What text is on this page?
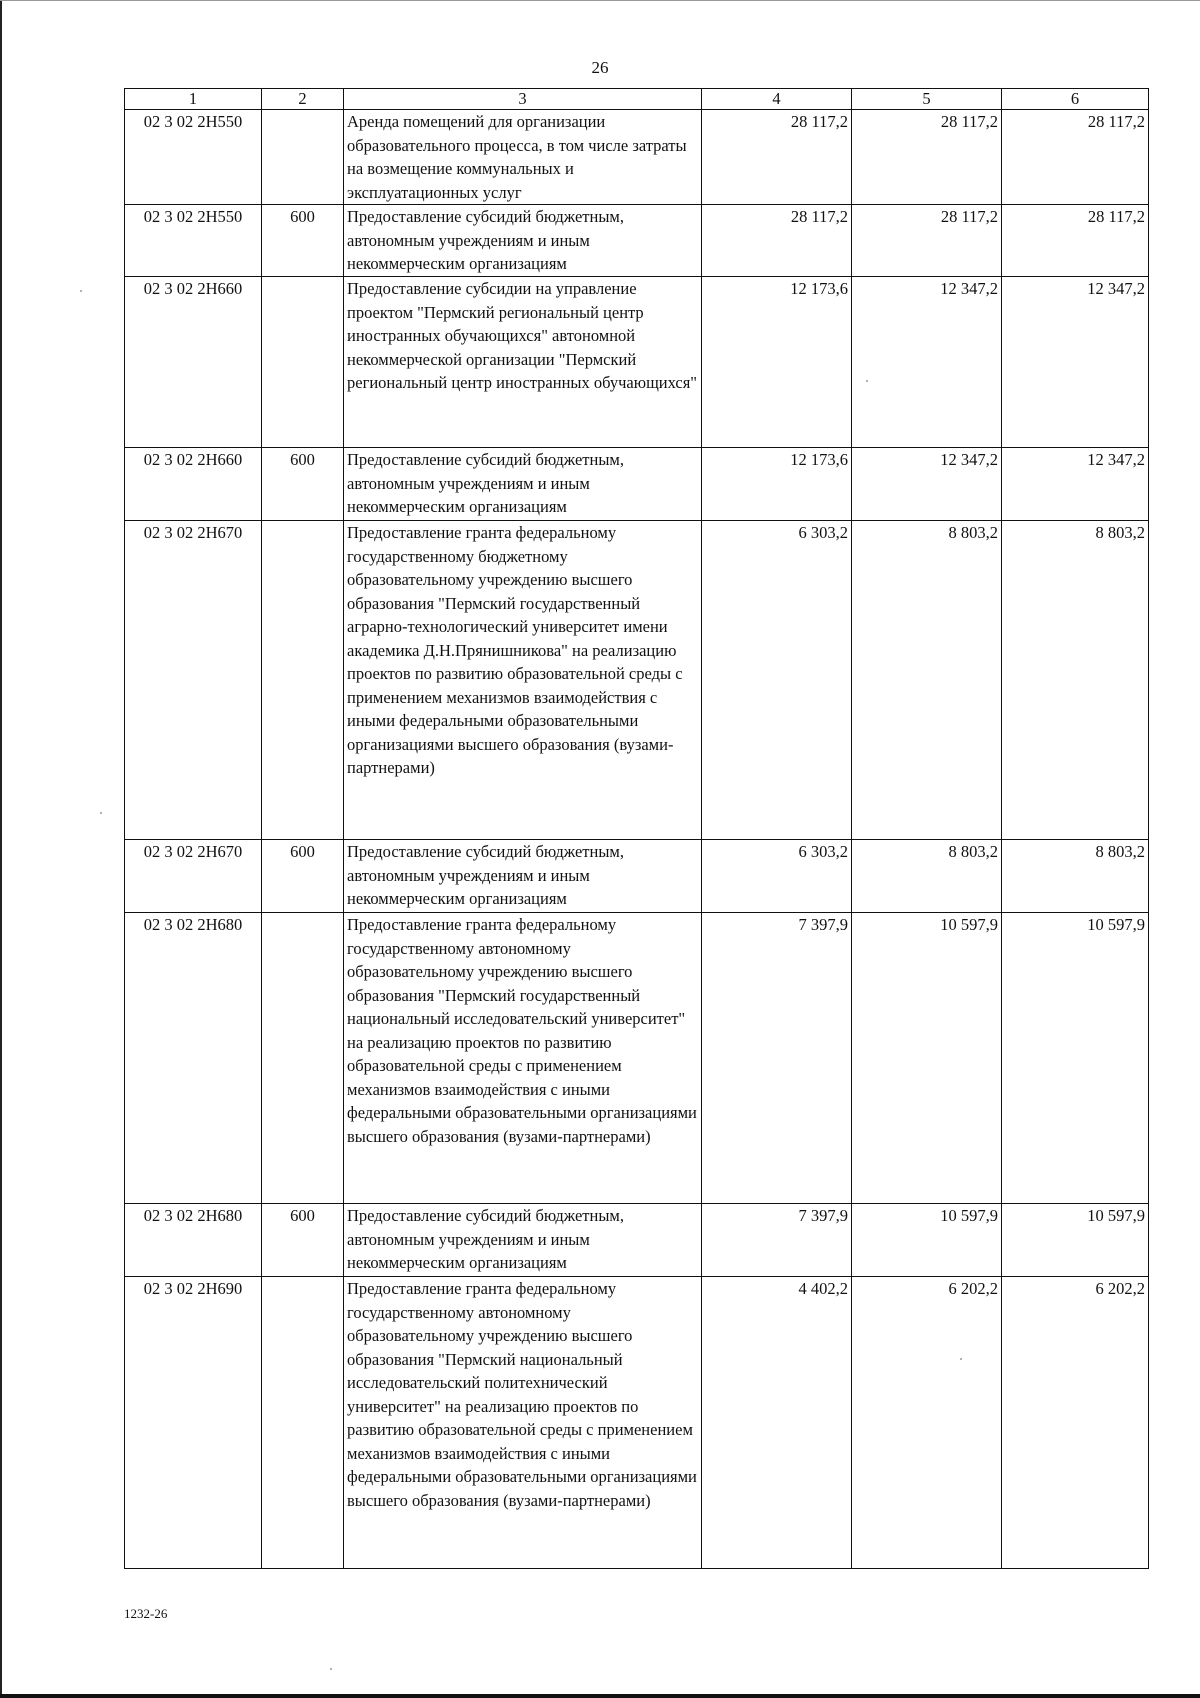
26
1	2	3	4	5	6
02 3 02 2Н550		Аренда помещений для организации образовательного процесса, в том числе затраты на возмещение коммунальных и эксплуатационных услуг	28 117,2	28 117,2	28 117,2
02 3 02 2Н550	600	Предоставление субсидий бюджетным, автономным учреждениям и иным некоммерческим организациям	28 117,2	28 117,2	28 117,2
02 3 02 2Н660		Предоставление субсидии на управление проектом "Пермский региональный центр иностранных обучающихся" автономной некоммерческой организации "Пермский региональный центр иностранных обучающихся"	12 173,6	12 347,2	12 347,2
02 3 02 2Н660	600	Предоставление субсидий бюджетным, автономным учреждениям и иным некоммерческим организациям	12 173,6	12 347,2	12 347,2
02 3 02 2Н670		Предоставление гранта федеральному государственному бюджетному образовательному учреждению высшего образования "Пермский государственный аграрно-технологический университет имени академика Д.Н.Прянишникова" на реализацию проектов по развитию образовательной среды с применением механизмов взаимодействия с иными федеральными образовательными организациями высшего образования (вузами-партнерами)	6 303,2	8 803,2	8 803,2
02 3 02 2Н670	600	Предоставление субсидий бюджетным, автономным учреждениям и иным некоммерческим организациям	6 303,2	8 803,2	8 803,2
02 3 02 2Н680		Предоставление гранта федеральному государственному автономному образовательному учреждению высшего образования "Пермский государственный национальный исследовательский университет" на реализацию проектов по развитию образовательной среды с применением механизмов взаимодействия с иными федеральными образовательными организациями высшего образования (вузами-партнерами)	7 397,9	10 597,9	10 597,9
02 3 02 2Н680	600	Предоставление субсидий бюджетным, автономным учреждениям и иным некоммерческим организациям	7 397,9	10 597,9	10 597,9
02 3 02 2Н690		Предоставление гранта федеральному государственному автономному образовательному учреждению высшего образования "Пермский национальный исследовательский политехнический университет" на реализацию проектов по развитию образовательной среды с применением механизмов взаимодействия с иными федеральными образовательными организациями высшего образования (вузами-партнерами)	4 402,2	6 202,2	6 202,2
1232-26
